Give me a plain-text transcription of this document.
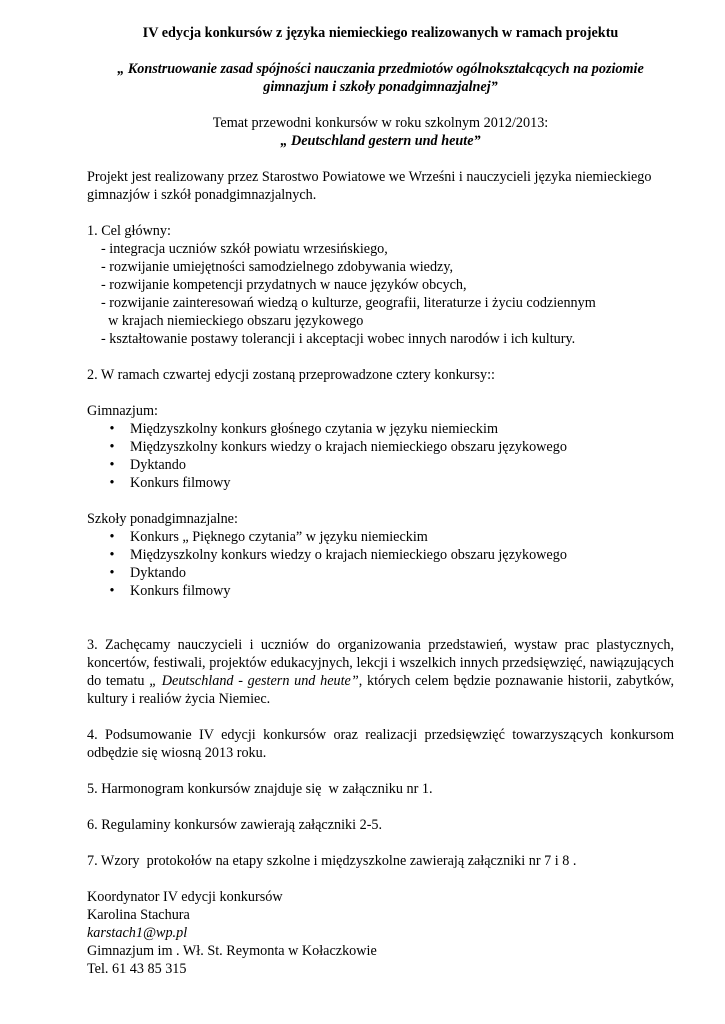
IV edycja konkursów z języka niemieckiego realizowanych w ramach projektu

„ Konstruowanie zasad spójności nauczania przedmiotów ogólnokształcących na poziomie

gimnazjum i szkoły ponadgimnazjalnej”

Temat przewodni konkursów w roku szkolnym 2012/2013:

„ Deutschland gestern und heute”

Projekt jest realizowany przez Starostwo Powiatowe we Wrześni i nauczycieli języka niemieckiego

gimnazjów i szkół ponadgimnazjalnych.

1. Cel główny:

- integracja uczniów szkół powiatu wrzesińskiego,
- rozwijanie umiejętności samodzielnego zdobywania wiedzy,
- rozwijanie kompetencji przydatnych w nauce języków obcych,
- rozwijanie zainteresowań wiedzą o kulturze, geografii, literaturze i życiu codziennym
w krajach niemieckiego obszaru językowego
- kształtowanie postawy tolerancji i akceptacji wobec innych narodów i ich kultury.

2. W ramach czwartej edycji zostaną przeprowadzone cztery konkursy::

Gimnazjum:

• Międzyszkolny konkurs głośnego czytania w języku niemieckim
• Międzyszkolny konkurs wiedzy o krajach niemieckiego obszaru językowego
• Dyktando
• Konkurs filmowy

Szkoły ponadgimnazjalne:

• Konkurs „ Pięknego czytania” w języku niemieckim
• Międzyszkolny konkurs wiedzy o krajach niemieckiego obszaru językowego
• Dyktando
• Konkurs filmowy

3. Zachęcamy nauczycieli i uczniów do organizowania przedstawień, wystaw prac plastycznych, koncertów, festiwali, projektów edukacyjnych, lekcji i wszelkich innych przedsięwzięć, nawiązujących do tematu „ Deutschland - gestern und heute”, których celem będzie poznawanie historii, zabytków, kultury i realiów życia Niemiec.

4. Podsumowanie IV edycji konkursów oraz realizacji przedsięwzięć towarzyszących konkursom odbędzie się wiosną 2013 roku.

5. Harmonogram konkursów znajduje się  w załączniku nr 1.

6. Regulaminy konkursów zawierają załączniki 2-5.

7. Wzory  protokołów na etapy szkolne i międzyszkolne zawierają załączniki nr 7 i 8 .

Koordynator IV edycji konkursów

Karolina Stachura

karstach1@wp.pl

Gimnazjum im . Wł. St. Reymonta w Kołaczkowie

Tel. 61 43 85 315
